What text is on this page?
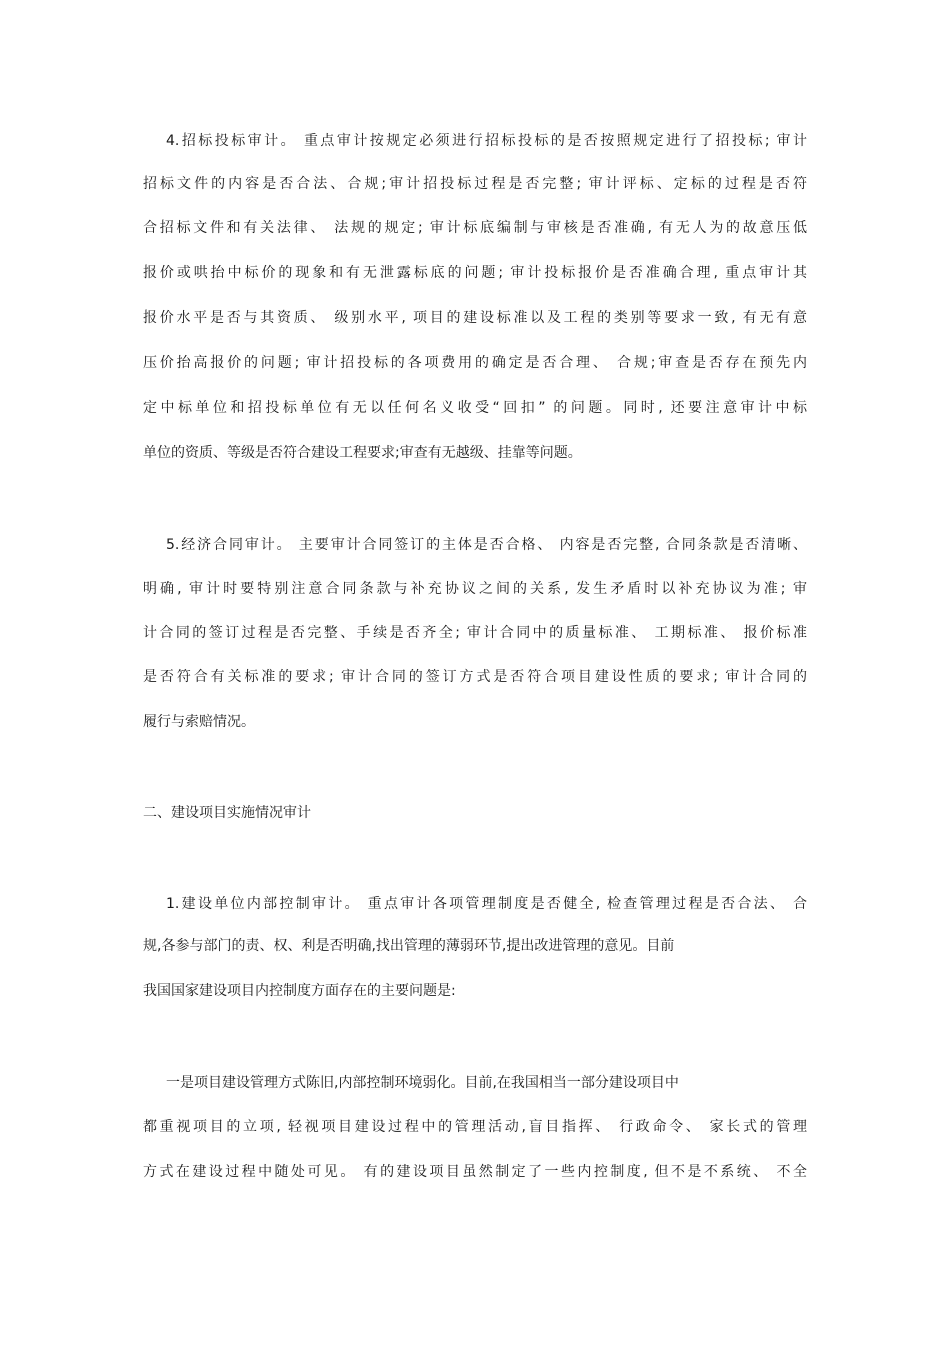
4.招标投标审计。 重点审计按规定必须进行招标投标的是否按照规定进行了招投标; 审计
招标文件的内容是否合法、合规;审计招投标过程是否完整; 审计评标、定标的过程是否符
合招标文件和有关法律、 法规的规定; 审计标底编制与审核是否准确, 有无人为的故意压低
报价或哄抬中标价的现象和有无泄露标底的问题; 审计投标报价是否准确合理, 重点审计其
报价水平是否与其资质、 级别水平, 项目的建设标准以及工程的类别等要求一致, 有无有意
压价抬高报价的问题; 审计招投标的各项费用的确定是否合理、 合规;审查是否存在预先内
定中标单位和招投标单位有无以任何名义收受“回扣” 的问题。同时, 还要注意审计中标
单位的资质、等级是否符合建设工程要求;审查有无越级、挂靠等问题。
5.经济合同审计。 主要审计合同签订的主体是否合格、 内容是否完整, 合同条款是否清晰、
明确, 审计时要特别注意合同条款与补充协议之间的关系, 发生矛盾时以补充协议为准; 审
计合同的签订过程是否完整、手续是否齐全; 审计合同中的质量标准、 工期标准、 报价标准
是否符合有关标准的要求; 审计合同的签订方式是否符合项目建设性质的要求; 审计合同的
履行与索赔情况。
二、建设项目实施情况审计
1.建设单位内部控制审计。 重点审计各项管理制度是否健全, 检查管理过程是否合法、 合
规,各参与部门的责、权、利是否明确,找出管理的薄弱环节,提出改进管理的意见。目前
我国国家建设项目内控制度方面存在的主要问题是:
一是项目建设管理方式陈旧,内部控制环境弱化。目前,在我国相当一部分建设项目中
都重视项目的立项, 轻视项目建设过程中的管理活动,盲目指挥、 行政命令、 家长式的管理
方式在建设过程中随处可见。 有的建设项目虽然制定了一些内控制度, 但不是不系统、 不全
